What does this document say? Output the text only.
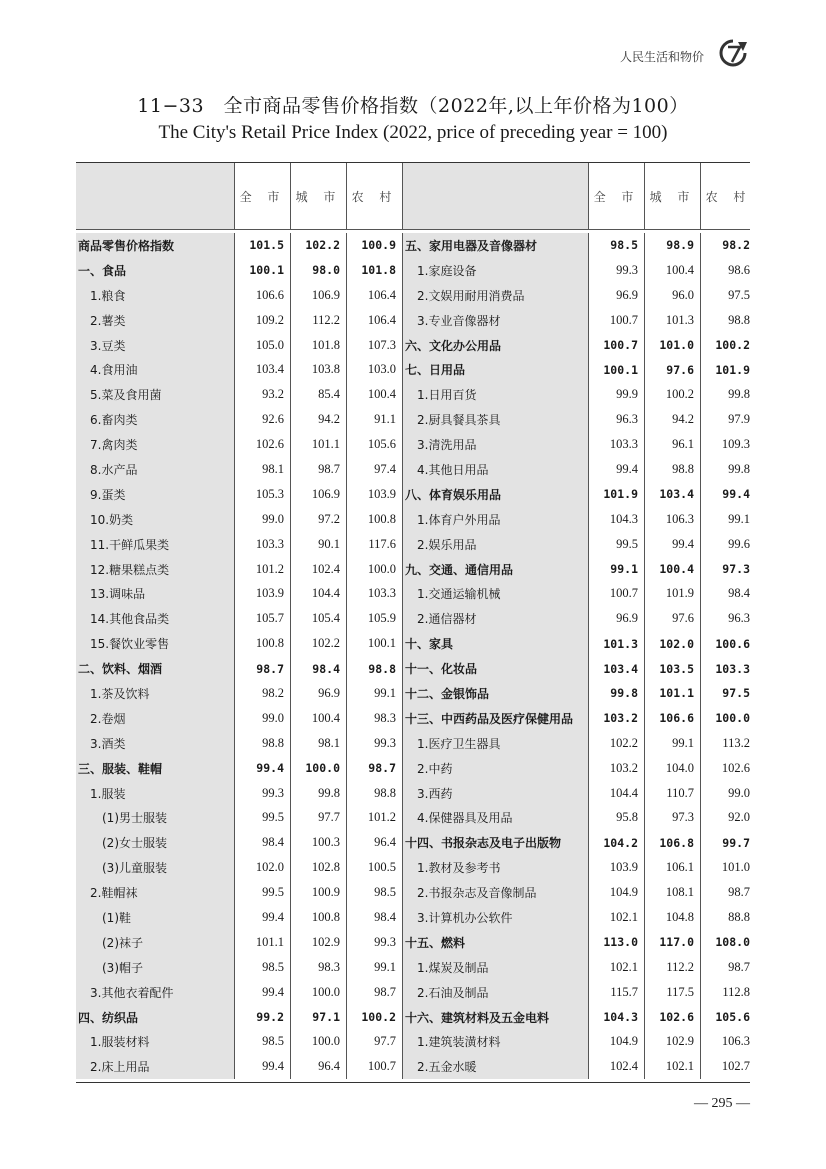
人民生活和物价
11−33　全市商品零售价格指数（2022年,以上年价格为100）
The City's Retail Price Index (2022, price of preceding year = 100)
全 市 城 市 农 村	全 市 城 市 农 村
商品零售价格指数
一、食品
1.粮食
2.薯类
3.豆类
4.食用油
5.菜及食用菌
6.畜肉类
7.禽肉类
8.水产品
9.蛋类
10.奶类
11.干鲜瓜果类
12.糖果糕点类
13.调味品
14.其他食品类
15.餐饮业零售
二、饮料、烟酒
1.茶及饮料
2.卷烟
3.酒类
三、服装、鞋帽
1.服装
(1)男士服装
(2)女士服装
(3)儿童服装
2.鞋帽袜
(1)鞋
(2)袜子
(3)帽子
3.其他衣着配件
四、纺织品
1.服装材料
2.床上用品
101.5
100.1
106.6
109.2
105.0
103.4
93.2
92.6
102.6
98.1
105.3
99.0
103.3
101.2
103.9
105.7
100.8
98.7
98.2
99.0
98.8
99.4
99.3
99.5
98.4
102.0
99.5
99.4
101.1
98.5
99.4
99.2
98.5
99.4
102.2
98.0
106.9
112.2
101.8
103.8
85.4
94.2
101.1
98.7
106.9
97.2
90.1
102.4
104.4
105.4
102.2
98.4
96.9
100.4
98.1
100.0
99.8
97.7
100.3
102.8
100.9
100.8
102.9
98.3
100.0
97.1
100.0
96.4
100.9
101.8
106.4
106.4
107.3
103.0
100.4
91.1
105.6
97.4
103.9
100.8
117.6
100.0
103.3
105.9
100.1
98.8
99.1
98.3
99.3
98.7
98.8
101.2
96.4
100.5
98.5
98.4
99.3
99.1
98.7
100.2
97.7
100.7
五、家用电器及音像器材
1.家庭设备
2.文娱用耐用消费品
3.专业音像器材
六、文化办公用品
七、日用品
1.日用百货
2.厨具餐具茶具
3.清洗用品
4.其他日用品
八、体育娱乐用品
1.体育户外用品
2.娱乐用品
九、交通、通信用品
1.交通运输机械
2.通信器材
十、家具
十一、化妆品
十二、金银饰品
十三、中西药品及医疗保健用品
1.医疗卫生器具
2.中药
3.西药
4.保健器具及用品
十四、书报杂志及电子出版物
1.教材及参考书
2.书报杂志及音像制品
3.计算机办公软件
十五、燃料
1.煤炭及制品
2.石油及制品
十六、建筑材料及五金电料
1.建筑装潢材料
2.五金水暖
98.5
99.3
96.9
100.7
100.7
100.1
99.9
96.3
103.3
99.4
101.9
104.3
99.5
99.1
100.7
96.9
101.3
103.4
99.8
103.2
102.2
103.2
104.4
95.8
104.2
103.9
104.9
102.1
113.0
102.1
115.7
104.3
104.9
102.4
98.9
100.4
96.0
101.3
101.0
97.6
100.2
94.2
96.1
98.8
103.4
106.3
99.4
100.4
101.9
97.6
102.0
103.5
101.1
106.6
99.1
104.0
110.7
97.3
106.8
106.1
108.1
104.8
117.0
112.2
117.5
102.6
102.9
102.1
98.2
98.6
97.5
98.8
100.2
101.9
99.8
97.9
109.3
99.8
99.4
99.1
99.6
97.3
98.4
96.3
100.6
103.3
97.5
100.0
113.2
102.6
99.0
92.0
99.7
101.0
98.7
88.8
108.0
98.7
112.8
105.6
106.3
102.7
— 295 —
